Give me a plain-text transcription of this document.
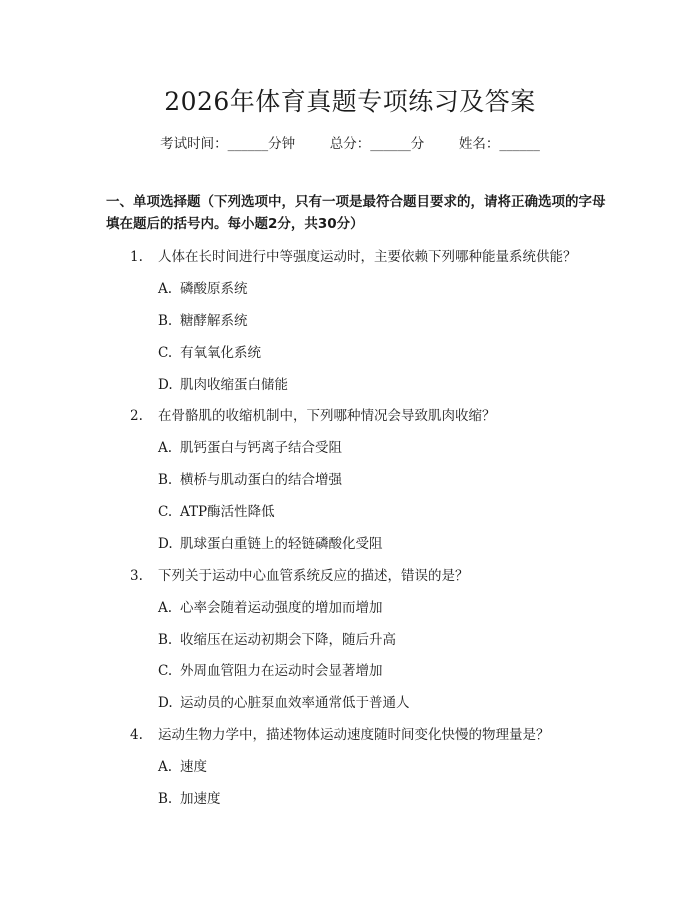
2026年体育真题专项练习及答案
考试时间：______分钟	总分：______分	姓名：______
一、单项选择题（下列选项中，只有一项是最符合题目要求的，请将正确选项的字母填在题后的括号内。每小题2分，共30分）
1. 人体在长时间进行中等强度运动时，主要依赖下列哪种能量系统供能？
A. 磷酸原系统
B. 糖酵解系统
C. 有氧氧化系统
D. 肌肉收缩蛋白储能
2. 在骨骼肌的收缩机制中，下列哪种情况会导致肌肉收缩？
A. 肌钙蛋白与钙离子结合受阻
B. 横桥与肌动蛋白的结合增强
C. ATP酶活性降低
D. 肌球蛋白重链上的轻链磷酸化受阻
3. 下列关于运动中心血管系统反应的描述，错误的是？
A. 心率会随着运动强度的增加而增加
B. 收缩压在运动初期会下降，随后升高
C. 外周血管阻力在运动时会显著增加
D. 运动员的心脏泵血效率通常低于普通人
4. 运动生物力学中，描述物体运动速度随时间变化快慢的物理量是？
A. 速度
B. 加速度
